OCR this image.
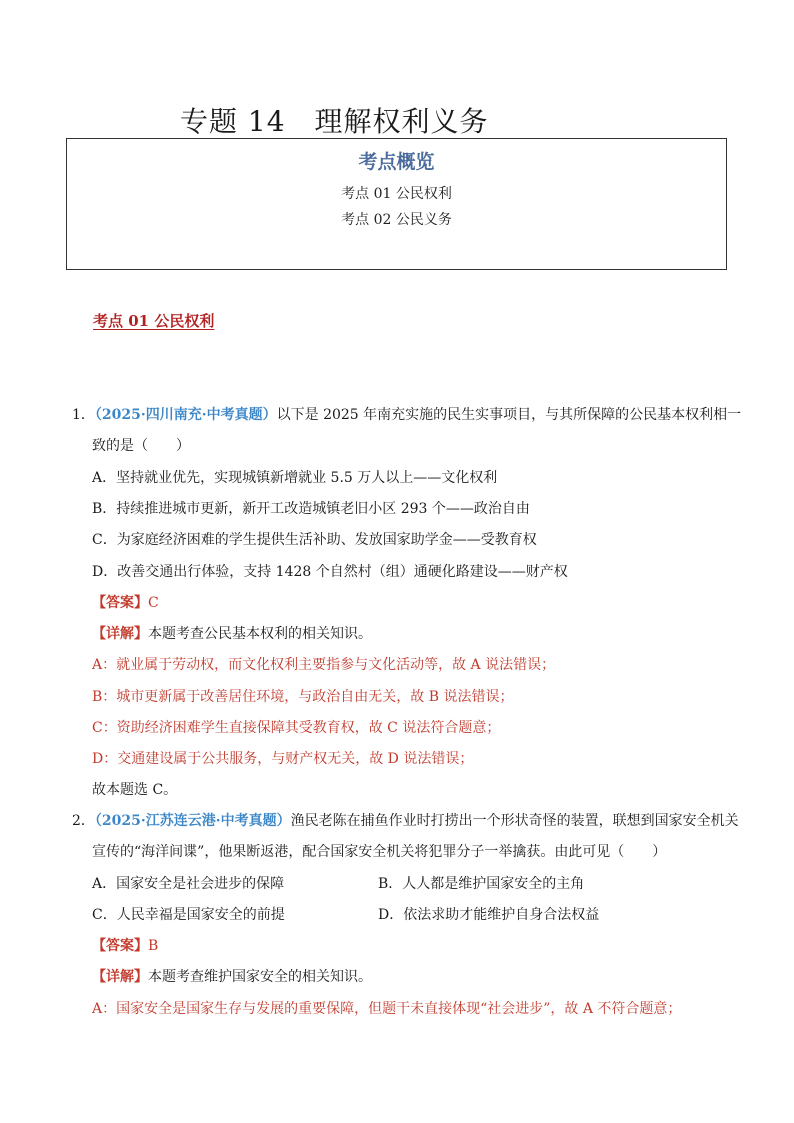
专题 14　理解权利义务
考点概览
考点 01 公民权利
考点 02 公民义务
考点 01 公民权利
1．（2025·四川南充·中考真题）以下是 2025 年南充实施的民生实事项目，与其所保障的公民基本权利相一
致的是（　　）
A．坚持就业优先，实现城镇新增就业 5.5 万人以上——文化权利
B．持续推进城市更新，新开工改造城镇老旧小区 293 个——政治自由
C．为家庭经济困难的学生提供生活补助、发放国家助学金——受教育权
D．改善交通出行体验，支持 1428 个自然村（组）通硬化路建设——财产权
【答案】C
【详解】本题考查公民基本权利的相关知识。
A：就业属于劳动权，而文化权利主要指参与文化活动等，故 A 说法错误；
B：城市更新属于改善居住环境，与政治自由无关，故 B 说法错误；
C：资助经济困难学生直接保障其受教育权，故 C 说法符合题意；
D：交通建设属于公共服务，与财产权无关，故 D 说法错误；
故本题选 C。
2．（2025·江苏连云港·中考真题）渔民老陈在捕鱼作业时打捞出一个形状奇怪的装置，联想到国家安全机关
宣传的“海洋间谍”，他果断返港，配合国家安全机关将犯罪分子一举擒获。由此可见（　　）
A．国家安全是社会进步的保障	B．人人都是维护国家安全的主角
C．人民幸福是国家安全的前提	D．依法求助才能维护自身合法权益
【答案】B
【详解】本题考查维护国家安全的相关知识。
A：国家安全是国家生存与发展的重要保障，但题干未直接体现“社会进步”，故 A 不符合题意；
